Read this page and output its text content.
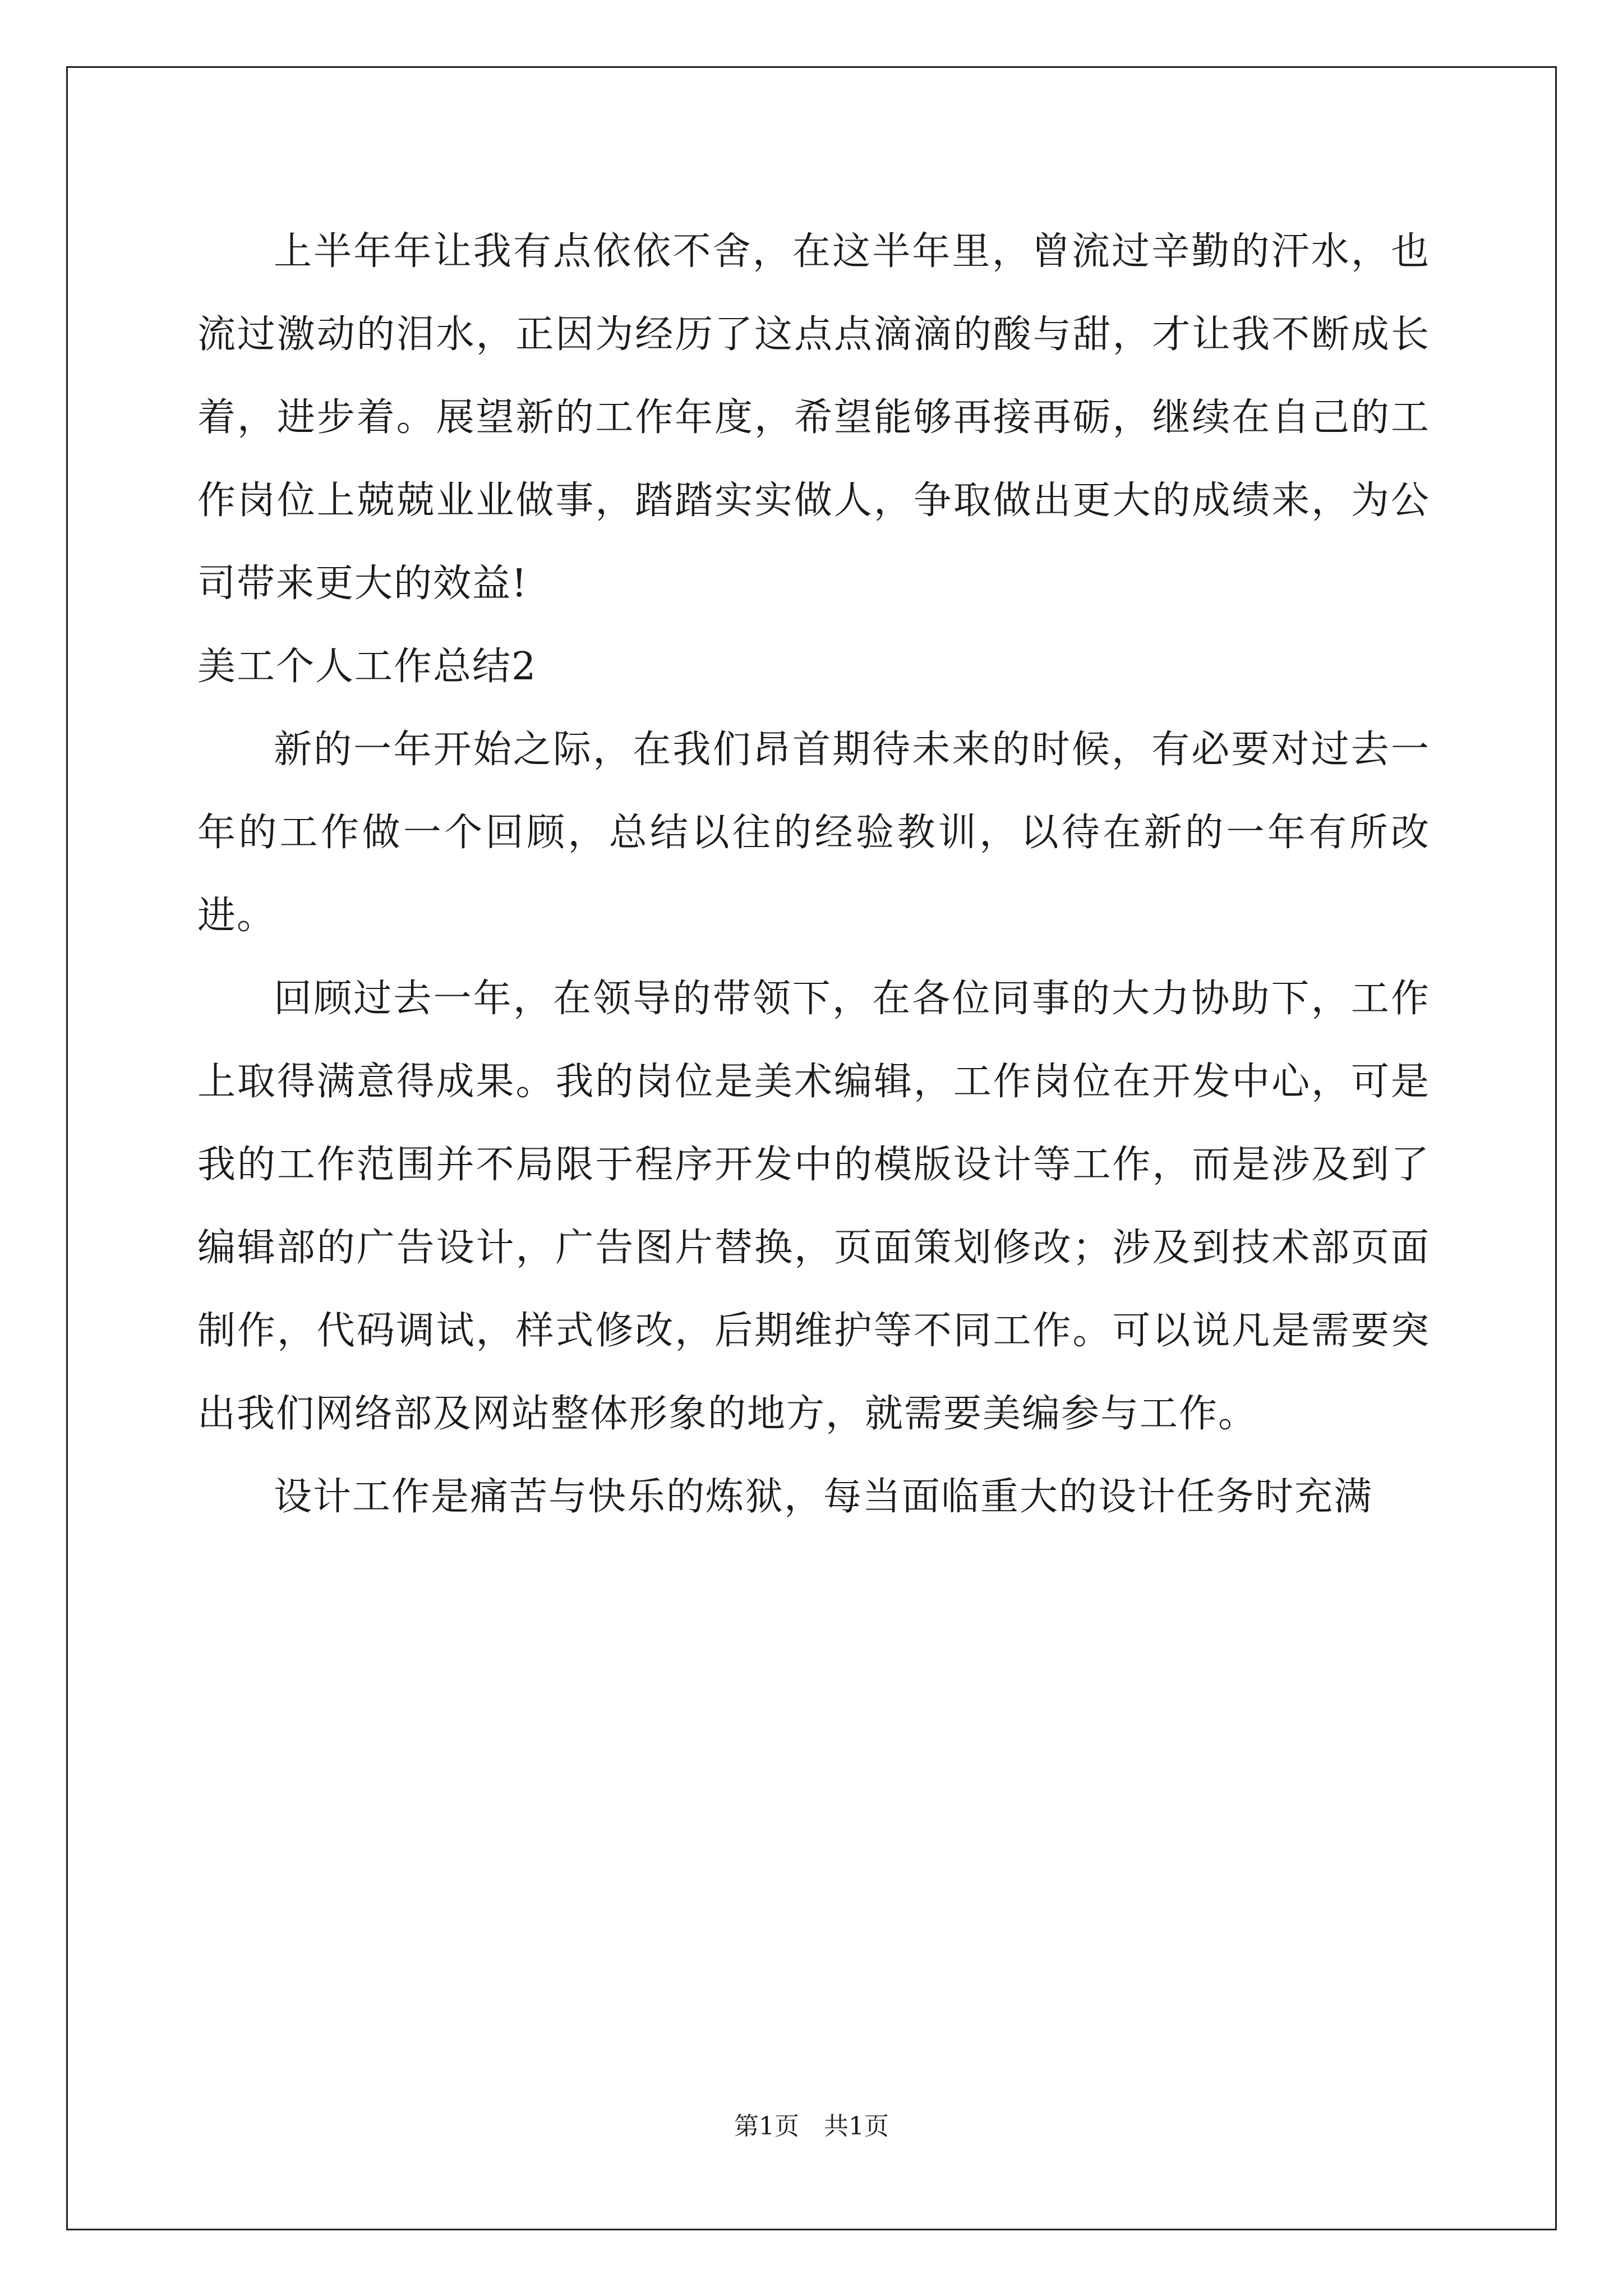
上半年年让我有点依依不舍，在这半年里，曾流过辛勤的汗水，也流过激动的泪水，正因为经历了这点点滴滴的酸与甜，才让我不断成长着，进步着。展望新的工作年度，希望能够再接再砺，继续在自己的工作岗位上兢兢业业做事，踏踏实实做人，争取做出更大的成绩来，为公司带来更大的效益!

美工个人工作总结2

新的一年开始之际，在我们昂首期待未来的时候，有必要对过去一年的工作做一个回顾，总结以往的经验教训，以待在新的一年有所改进。

回顾过去一年，在领导的带领下，在各位同事的大力协助下，工作上取得满意得成果。我的岗位是美术编辑，工作岗位在开发中心，可是我的工作范围并不局限于程序开发中的模版设计等工作，而是涉及到了编辑部的广告设计，广告图片替换，页面策划修改；涉及到技术部页面制作，代码调试，样式修改，后期维护等不同工作。可以说凡是需要突出我们网络部及网站整体形象的地方，就需要美编参与工作。

设计工作是痛苦与快乐的炼狱，每当面临重大的设计任务时充满

第1页 共1页
